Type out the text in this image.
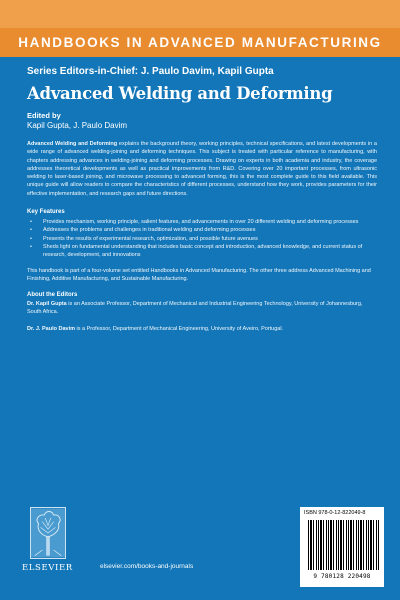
HANDBOOKS IN ADVANCED MANUFACTURING
Series Editors-in-Chief: J. Paulo Davim, Kapil Gupta
Advanced Welding and Deforming
Edited by
Kapil Gupta, J. Paulo Davim

Advanced Welding and Deforming explains the background theory, working principles, technical specifications, and latest developments in a wide range of advanced welding-joining and deforming techniques. This subject is treated with particular reference to manufacturing, with chapters addressing advances in welding-joining and deforming processes. Drawing on experts in both academia and industry, the coverage addresses theoretical developments as well as practical improvements from R&D. Covering over 20 important processes, from ultrasonic welding to laser-based joining, and microwave processing to advanced forming, this is the most complete guide to this field available. This unique guide will allow readers to compare the characteristics of different processes, understand how they work, provides parameters for their effective implementation, and research gaps and future directions.

Key Features
• Provides mechanism, working principle, salient features, and advancements in over 20 different welding and deforming processes
• Addresses the problems and challenges in traditional welding and deforming processes
• Presents the results of experimental research, optimization, and possible future avenues
• Sheds light on fundamental understanding that includes basic concept and introduction, advanced knowledge, and current status of research, development, and innovations

This handbook is part of a four-volume set entitled Handbooks in Advanced Manufacturing. The other three address Advanced Machining and Finishing, Additive Manufacturing, and Sustainable Manufacturing.

About the Editors

Dr. Kapil Gupta is an Associate Professor, Department of Mechanical and Industrial Engineering Technology, University of Johannesburg, South Africa.

Dr. J. Paulo Davim is a Professor, Department of Mechanical Engineering, University of Aveiro, Portugal.

ELSEVIER	elsevier.com/books-and-journals
ISBN 978-0-12-822049-8
9 780128 220498
